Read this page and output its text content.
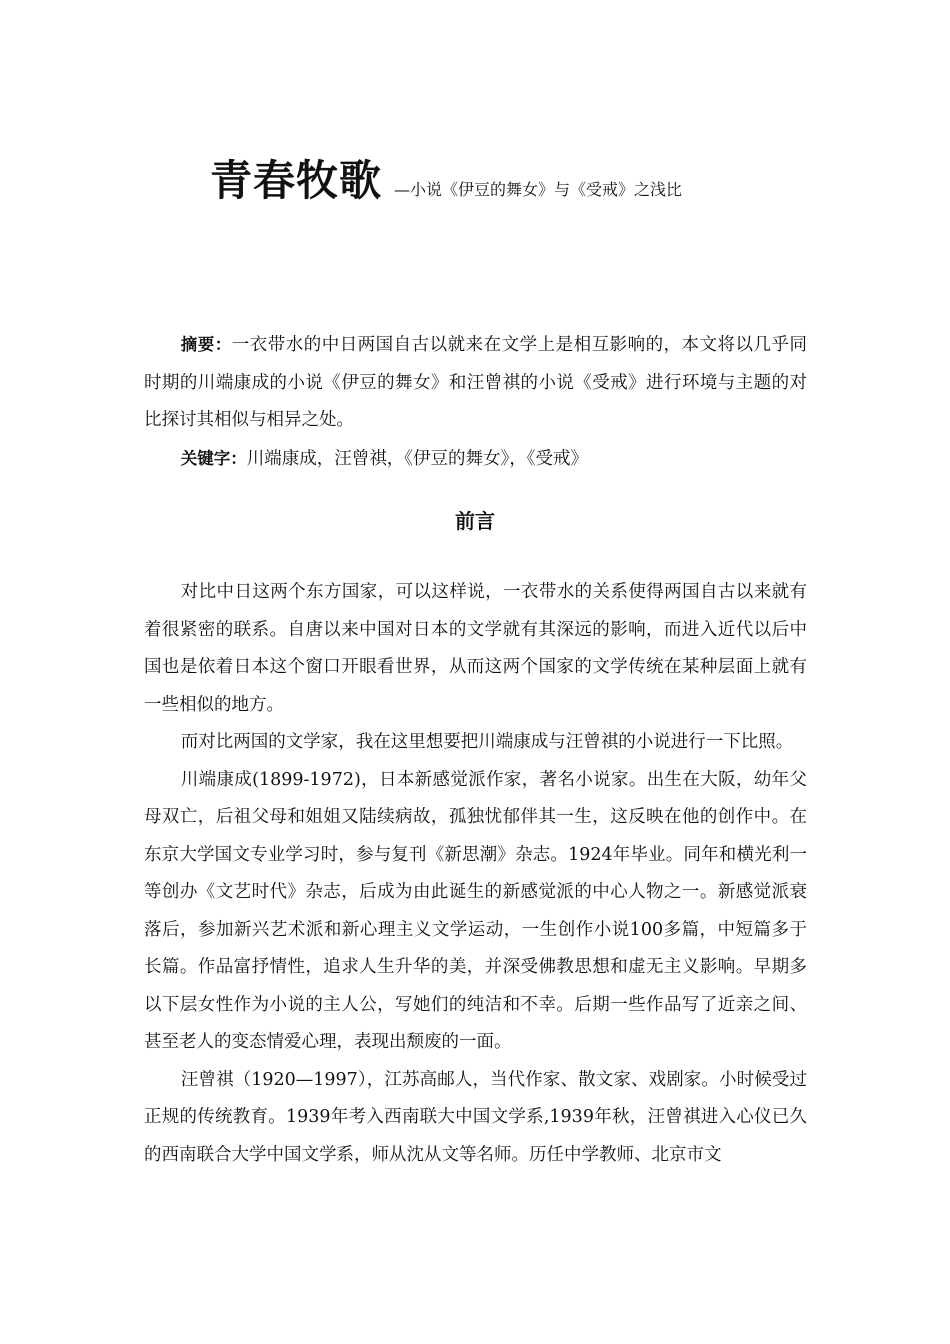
青春牧歌 —小说《伊豆的舞女》与《受戒》之浅比

摘要：一衣带水的中日两国自古以就来在文学上是相互影响的，本文将以几乎同时期的川端康成的小说《伊豆的舞女》和汪曾祺的小说《受戒》进行环境与主题的对比探讨其相似与相异之处。

关键字：川端康成，汪曾祺，《伊豆的舞女》，《受戒》

前言

对比中日这两个东方国家，可以这样说，一衣带水的关系使得两国自古以来就有着很紧密的联系。自唐以来中国对日本的文学就有其深远的影响，而进入近代以后中国也是依着日本这个窗口开眼看世界，从而这两个国家的文学传统在某种层面上就有一些相似的地方。

而对比两国的文学家，我在这里想要把川端康成与汪曾祺的小说进行一下比照。

川端康成(1899-1972)，日本新感觉派作家，著名小说家。出生在大阪，幼年父母双亡，后祖父母和姐姐又陆续病故，孤独忧郁伴其一生，这反映在他的创作中。在东京大学国文专业学习时，参与复刊《新思潮》杂志。1924年毕业。同年和横光利一等创办《文艺时代》杂志，后成为由此诞生的新感觉派的中心人物之一。新感觉派衰落后，参加新兴艺术派和新心理主义文学运动，一生创作小说100多篇，中短篇多于长篇。作品富抒情性，追求人生升华的美，并深受佛教思想和虚无主义影响。早期多以下层女性作为小说的主人公，写她们的纯洁和不幸。后期一些作品写了近亲之间、甚至老人的变态情爱心理，表现出颓废的一面。

汪曾祺（1920—1997），江苏高邮人，当代作家、散文家、戏剧家。小时候受过正规的传统教育。1939年考入西南联大中国文学系,1939年秋，汪曾祺进入心仪已久的西南联合大学中国文学系，师从沈从文等名师。历任中学教师、北京市文
